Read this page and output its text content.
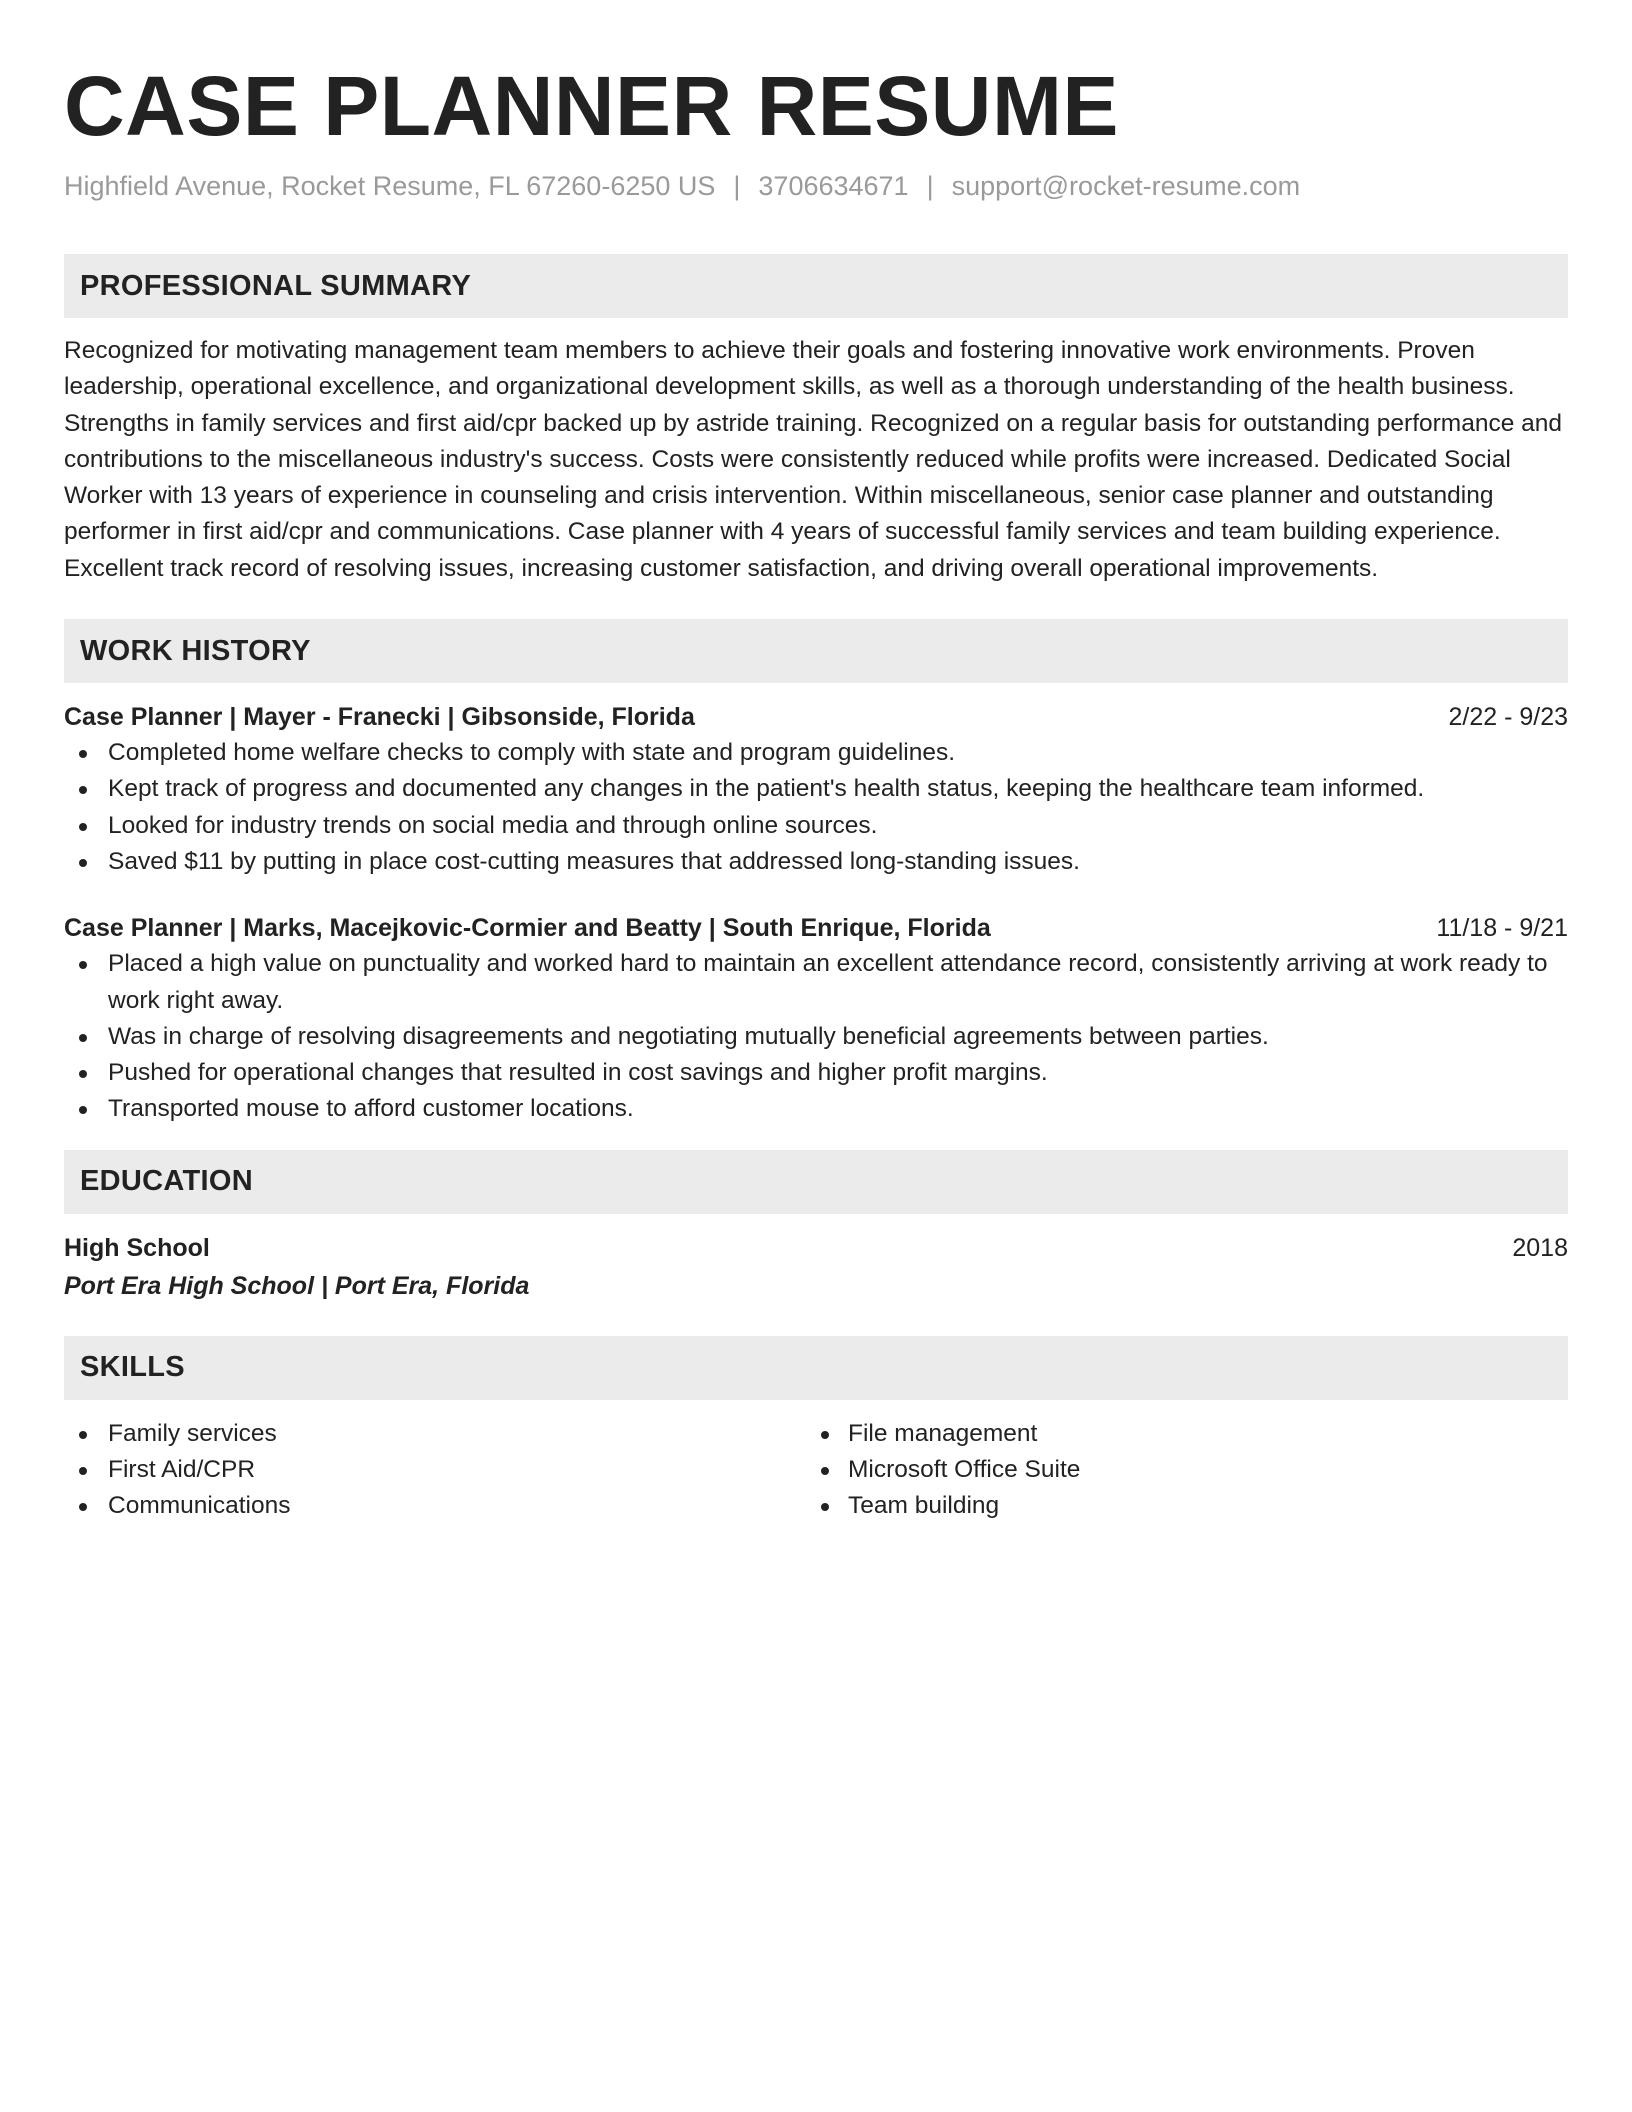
CASE PLANNER RESUME
Highfield Avenue, Rocket Resume, FL 67260-6250 US | 3706634671 | support@rocket-resume.com
PROFESSIONAL SUMMARY
Recognized for motivating management team members to achieve their goals and fostering innovative work environments. Proven leadership, operational excellence, and organizational development skills, as well as a thorough understanding of the health business. Strengths in family services and first aid/cpr backed up by astride training. Recognized on a regular basis for outstanding performance and contributions to the miscellaneous industry's success. Costs were consistently reduced while profits were increased. Dedicated Social Worker with 13 years of experience in counseling and crisis intervention. Within miscellaneous, senior case planner and outstanding performer in first aid/cpr and communications. Case planner with 4 years of successful family services and team building experience. Excellent track record of resolving issues, increasing customer satisfaction, and driving overall operational improvements.
WORK HISTORY
Case Planner | Mayer - Franecki | Gibsonside, Florida	2/22 - 9/23
Completed home welfare checks to comply with state and program guidelines.
Kept track of progress and documented any changes in the patient's health status, keeping the healthcare team informed.
Looked for industry trends on social media and through online sources.
Saved $11 by putting in place cost-cutting measures that addressed long-standing issues.
Case Planner | Marks, Macejkovic-Cormier and Beatty | South Enrique, Florida	11/18 - 9/21
Placed a high value on punctuality and worked hard to maintain an excellent attendance record, consistently arriving at work ready to work right away.
Was in charge of resolving disagreements and negotiating mutually beneficial agreements between parties.
Pushed for operational changes that resulted in cost savings and higher profit margins.
Transported mouse to afford customer locations.
EDUCATION
High School	2018
Port Era High School | Port Era, Florida
SKILLS
Family services
First Aid/CPR
Communications
File management
Microsoft Office Suite
Team building
